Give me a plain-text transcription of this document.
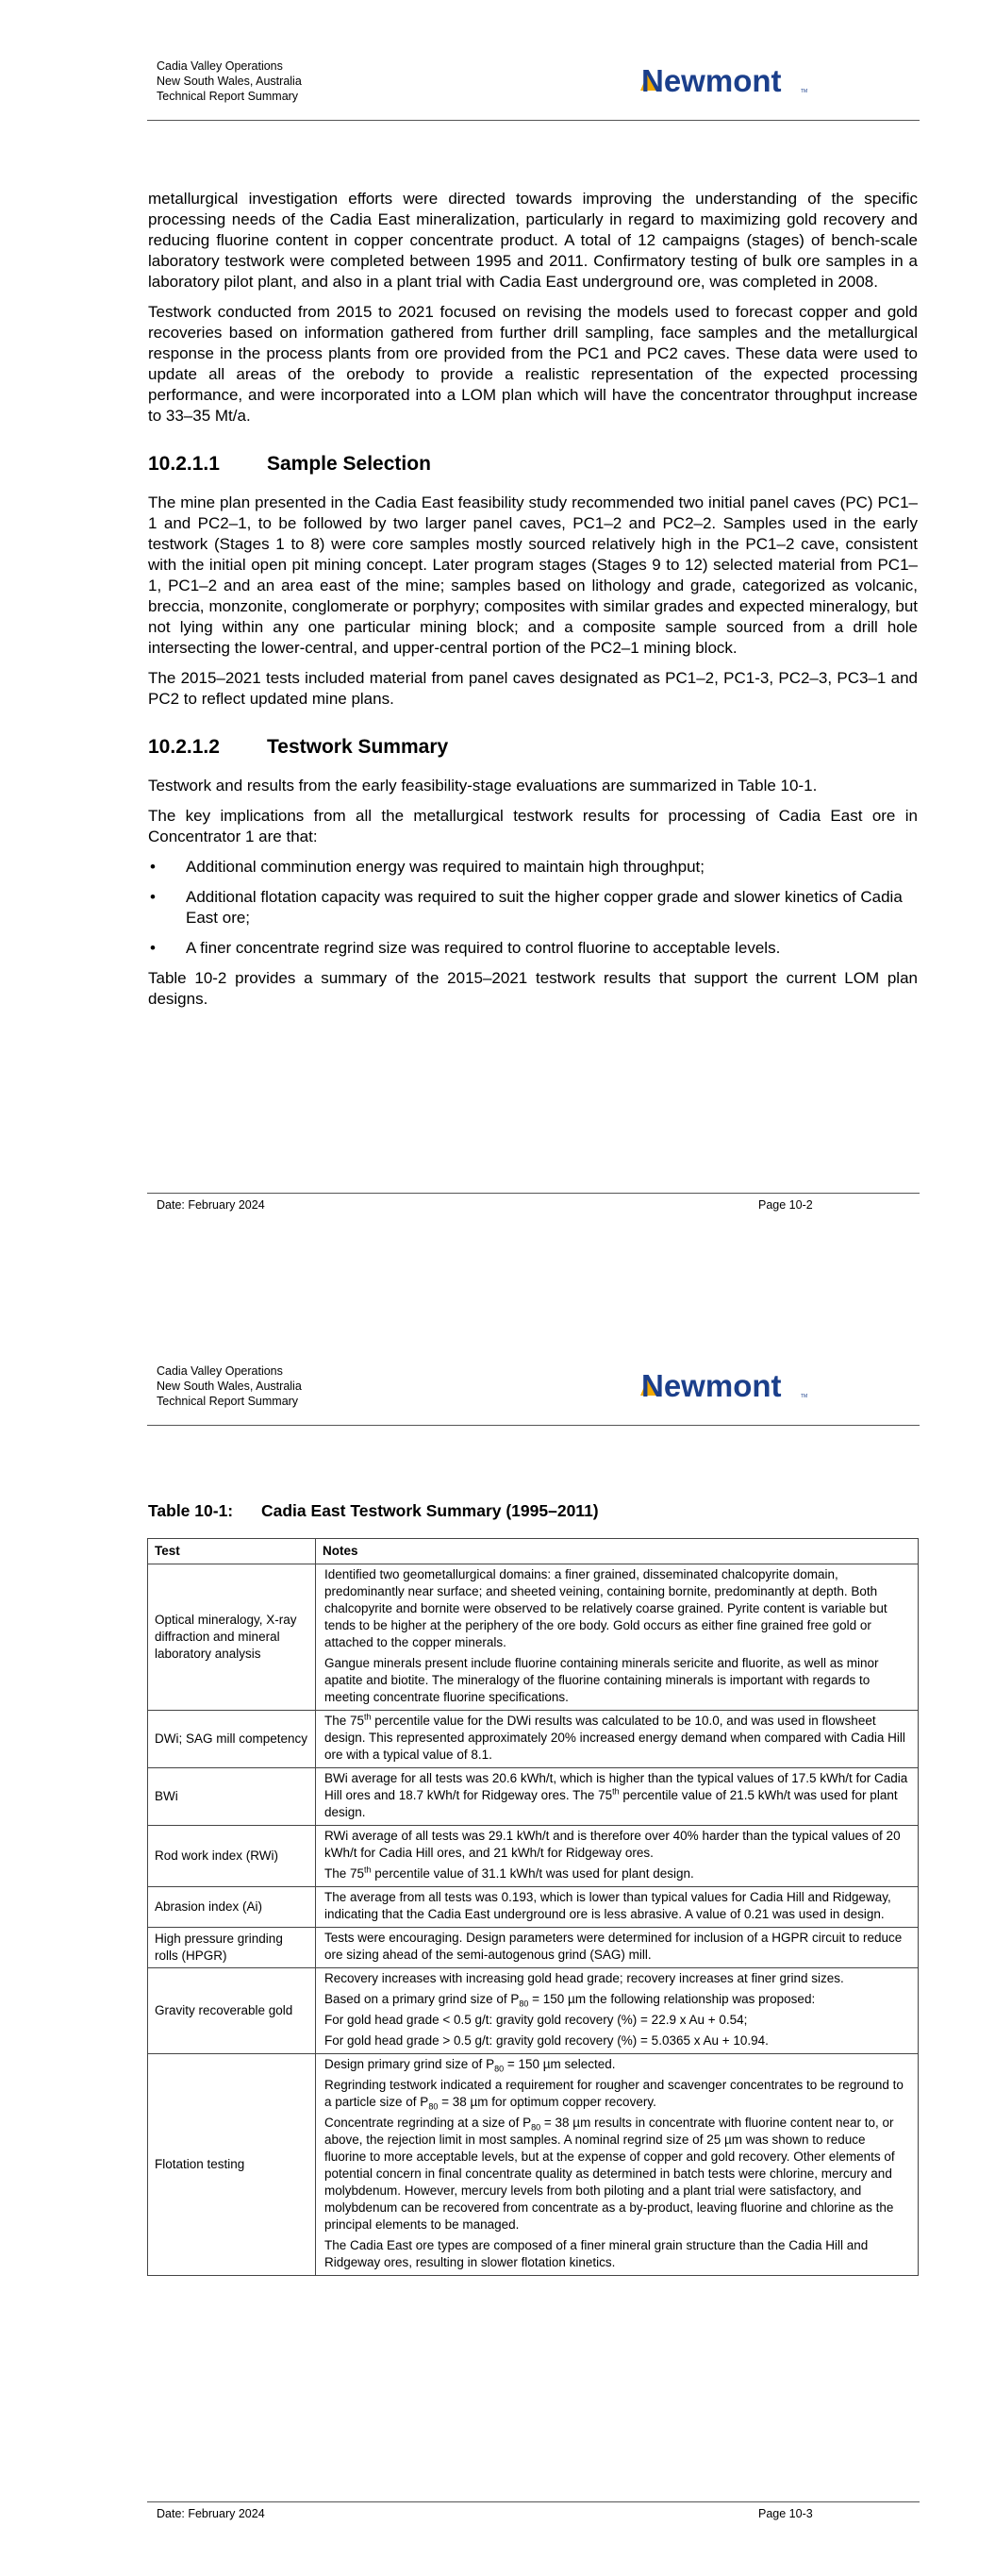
Cadia Valley Operations
New South Wales, Australia
Technical Report Summary	Newmont	TM

metallurgical investigation efforts were directed towards improving the understanding of the specific processing needs of the Cadia East mineralization, particularly in regard to maximizing gold recovery and reducing fluorine content in copper concentrate product. A total of 12 campaigns (stages) of bench-scale laboratory testwork were completed between 1995 and 2011. Confirmatory testing of bulk ore samples in a laboratory pilot plant, and also in a plant trial with Cadia East underground ore, was completed in 2008.

Testwork conducted from 2015 to 2021 focused on revising the models used to forecast copper and gold recoveries based on information gathered from further drill sampling, face samples and the metallurgical response in the process plants from ore provided from the PC1 and PC2 caves. These data were used to update all areas of the orebody to provide a realistic representation of the expected processing performance, and were incorporated into a LOM plan which will have the concentrator throughput increase to 33–35 Mt/a.

10.2.1.1	Sample Selection

The mine plan presented in the Cadia East feasibility study recommended two initial panel caves (PC) PC1–1 and PC2–1, to be followed by two larger panel caves, PC1–2 and PC2–2. Samples used in the early testwork (Stages 1 to 8) were core samples mostly sourced relatively high in the PC1–2 cave, consistent with the initial open pit mining concept. Later program stages (Stages 9 to 12) selected material from PC1–1, PC1–2 and an area east of the mine; samples based on lithology and grade, categorized as volcanic, breccia, monzonite, conglomerate or porphyry; composites with similar grades and expected mineralogy, but not lying within any one particular mining block; and a composite sample sourced from a drill hole intersecting the lower-central, and upper-central portion of the PC2–1 mining block.

The 2015–2021 tests included material from panel caves designated as PC1–2, PC1-3, PC2–3, PC3–1 and PC2 to reflect updated mine plans.

10.2.1.2	Testwork Summary

Testwork and results from the early feasibility-stage evaluations are summarized in Table 10-1.

The key implications from all the metallurgical testwork results for processing of Cadia East ore in Concentrator 1 are that:

• Additional comminution energy was required to maintain high throughput;
• Additional flotation capacity was required to suit the higher copper grade and slower kinetics of Cadia East ore;
• A finer concentrate regrind size was required to control fluorine to acceptable levels.

Table 10-2 provides a summary of the 2015–2021 testwork results that support the current LOM plan designs.

Date: February 2024	Page 10-2
Cadia Valley Operations
New South Wales, Australia
Technical Report Summary	Newmont	TM
Table 10-1:	Cadia East Testwork Summary (1995–2011)
Test	Notes
Optical mineralogy, X-ray diffraction and mineral laboratory analysis	Identified two geometallurgical domains: a finer grained, disseminated chalcopyrite domain, predominantly near surface; and sheeted veining, containing bornite, predominantly at depth. Both chalcopyrite and bornite were observed to be relatively coarse grained. Pyrite content is variable but tends to be higher at the periphery of the ore body. Gold occurs as either fine grained free gold or attached to the copper minerals.

Gangue minerals present include fluorine containing minerals sericite and fluorite, as well as minor apatite and biotite. The mineralogy of the fluorine containing minerals is important with regards to meeting concentrate fluorine specifications.

DWi; SAG mill competency	The 75th percentile value for the DWi results was calculated to be 10.0, and was used in flowsheet design. This represented approximately 20% increased energy demand when compared with Cadia Hill ore with a typical value of 8.1.

BWi	BWi average for all tests was 20.6 kWh/t, which is higher than the typical values of 17.5 kWh/t for Cadia Hill ores and 18.7 kWh/t for Ridgeway ores. The 75th percentile value of 21.5 kWh/t was used for plant design.

Rod work index (RWi)	RWi average of all tests was 29.1 kWh/t and is therefore over 40% harder than the typical values of 20 kWh/t for Cadia Hill ores, and 21 kWh/t for Ridgeway ores.

The 75th percentile value of 31.1 kWh/t was used for plant design.

Abrasion index (Ai)	The average from all tests was 0.193, which is lower than typical values for Cadia Hill and Ridgeway, indicating that the Cadia East underground ore is less abrasive. A value of 0.21 was used in design.

High pressure grinding rolls (HPGR)	Tests were encouraging. Design parameters were determined for inclusion of a HGPR circuit to reduce ore sizing ahead of the semi-autogenous grind (SAG) mill.

Gravity recoverable gold	Recovery increases with increasing gold head grade; recovery increases at finer grind sizes.

Based on a primary grind size of $P_{80} = 150$ µm the following relationship was proposed:

For gold head grade < 0.5 g/t: gravity gold recovery (%) = 22.9 x Au + 0.54;

For gold head grade > 0.5 g/t: gravity gold recovery (%) = 5.0365 x Au + 10.94.

Flotation testing	Design primary grind size of $P_{80} = 150$ µm selected.

Regrinding testwork indicated a requirement for rougher and scavenger concentrates to be reground to a particle size of $P_{80} = 38$ µm for optimum copper recovery.

Concentrate regrinding at a size of $P_{80} = 38$ µm results in concentrate with fluorine content near to, or above, the rejection limit in most samples. A nominal regrind size of 25 µm was shown to reduce fluorine to more acceptable levels, but at the expense of copper and gold recovery. Other elements of potential concern in final concentrate quality as determined in batch tests were chlorine, mercury and molybdenum. However, mercury levels from both piloting and a plant trial were satisfactory, and molybdenum can be recovered from concentrate as a by-product, leaving fluorine and chlorine as the principal elements to be managed.

The Cadia East ore types are composed of a finer mineral grain structure than the Cadia Hill and Ridgeway ores, resulting in slower flotation kinetics.

Date: February 2024	Page 10-3
